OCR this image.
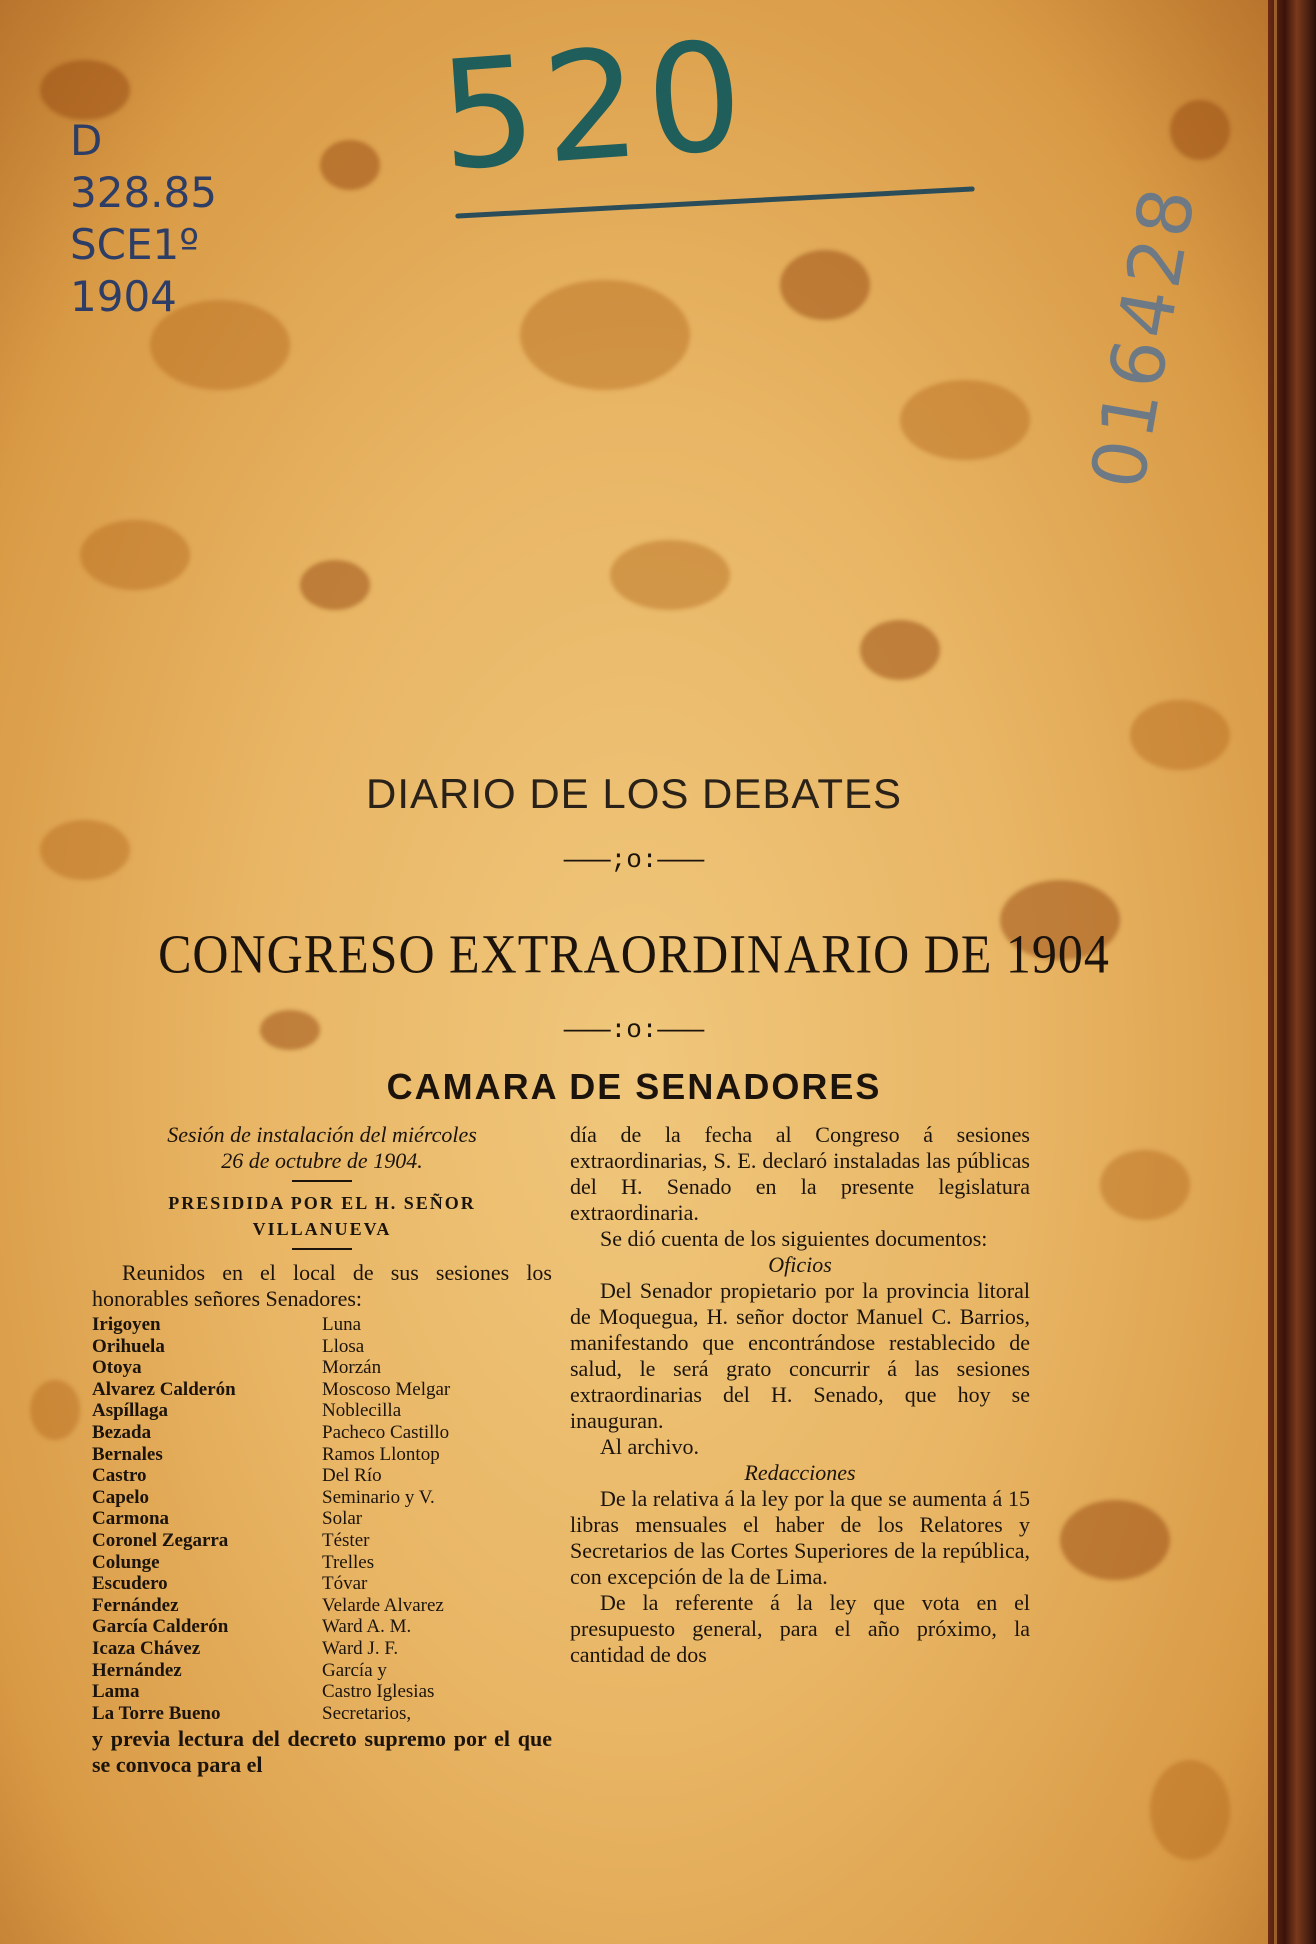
520
D
328.85
SCE1º
1904	016428
DIARIO DE LOS DEBATES
———;o:———
CONGRESO EXTRAORDINARIO DE 1904
———:o:———
CAMARA DE SENADORES

Sesión de instalación del miércoles

26 de octubre de 1904.

PRESIDIDA POR EL H. SEÑOR

VILLANUEVA

Reunidos en el local de sus sesiones los honorables señores Senadores:

Irigoyen
Orihuela
Otoya
Alvarez Calderón
Aspíllaga
Bezada
Bernales
Castro
Capelo
Carmona
Coronel Zegarra
Colunge
Escudero
Fernández
García Calderón
Icaza Chávez
Hernández
Lama
La Torre Bueno
Luna
Llosa
Morzán
Moscoso Melgar
Noblecilla
Pacheco Castillo
Ramos Llontop
Del Río
Seminario y V.
Solar
Téster
Trelles
Tóvar
Velarde Alvarez
Ward A. M.
Ward J. F.
García y
Castro Iglesias
Secretarios,

y previa lectura del decreto supremo por el que se convoca para el

día de la fecha al Congreso á sesiones extraordinarias, S. E. declaró instaladas las públicas del H. Senado en la presente legislatura extraordinaria.

Se dió cuenta de los siguientes documentos:

Oficios

Del Senador propietario por la provincia litoral de Moquegua, H. señor doctor Manuel C. Barrios, manifestando que encontrándose restablecido de salud, le será grato concurrir á las sesiones extraordinarias del H. Senado, que hoy se inauguran.

Al archivo.

Redacciones

De la relativa á la ley por la que se aumenta á 15 libras mensuales el haber de los Relatores y Secretarios de las Cortes Superiores de la república, con excepción de la de Lima.

De la referente á la ley que vota en el presupuesto general, para el año próximo, la cantidad de dos
